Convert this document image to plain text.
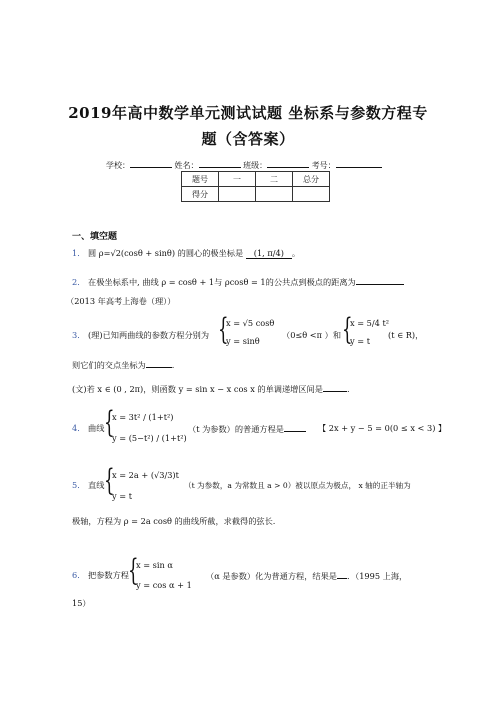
2019年高中数学单元测试试题 坐标系与参数方程专
题（含答案）
学校：	姓名：	班级：	考号：
题号	一	二	总分
得分			
一、填空题
1． 圆 ρ=√2(cosθ + sinθ) 的圆心的极坐标是 (1, π/4) 。
2． 在极坐标系中, 曲线 ρ = cosθ + 1与 ρcosθ = 1的公共点到极点的距离为
（2013 年高考上海卷（理））
3． (理)已知两曲线的参数方程分别为 {
x = √5 cosθ
y = sinθ
（0≤θ <π ）和 {
x = 5/4 t²
y = t
(t ∈ R)，
则它们的交点坐标为	.
(文)若 x ∈ (0 , 2π)，则函数 y = sin x − x cos x 的单调递增区间是	.
4． 曲线 {
x = 3t² / (1+t²)
y = (5−t²) / (1+t²)
（t 为参数）的普通方程是	【 2x + y − 5 = 0(0 ≤ x < 3) 】
5． 直线 {
x = 2a + (√3/3)t
y = t
（t 为参数，a 为常数且 a > 0）被以原点为极点， x 轴的正半轴为
极轴，方程为 ρ = 2a cosθ 的曲线所截，求截得的弦长.
6． 把参数方程 {
x = sin α
y = cos α + 1
（α 是参数）化为普通方程，结果是 ．（1995 上海，
15）
